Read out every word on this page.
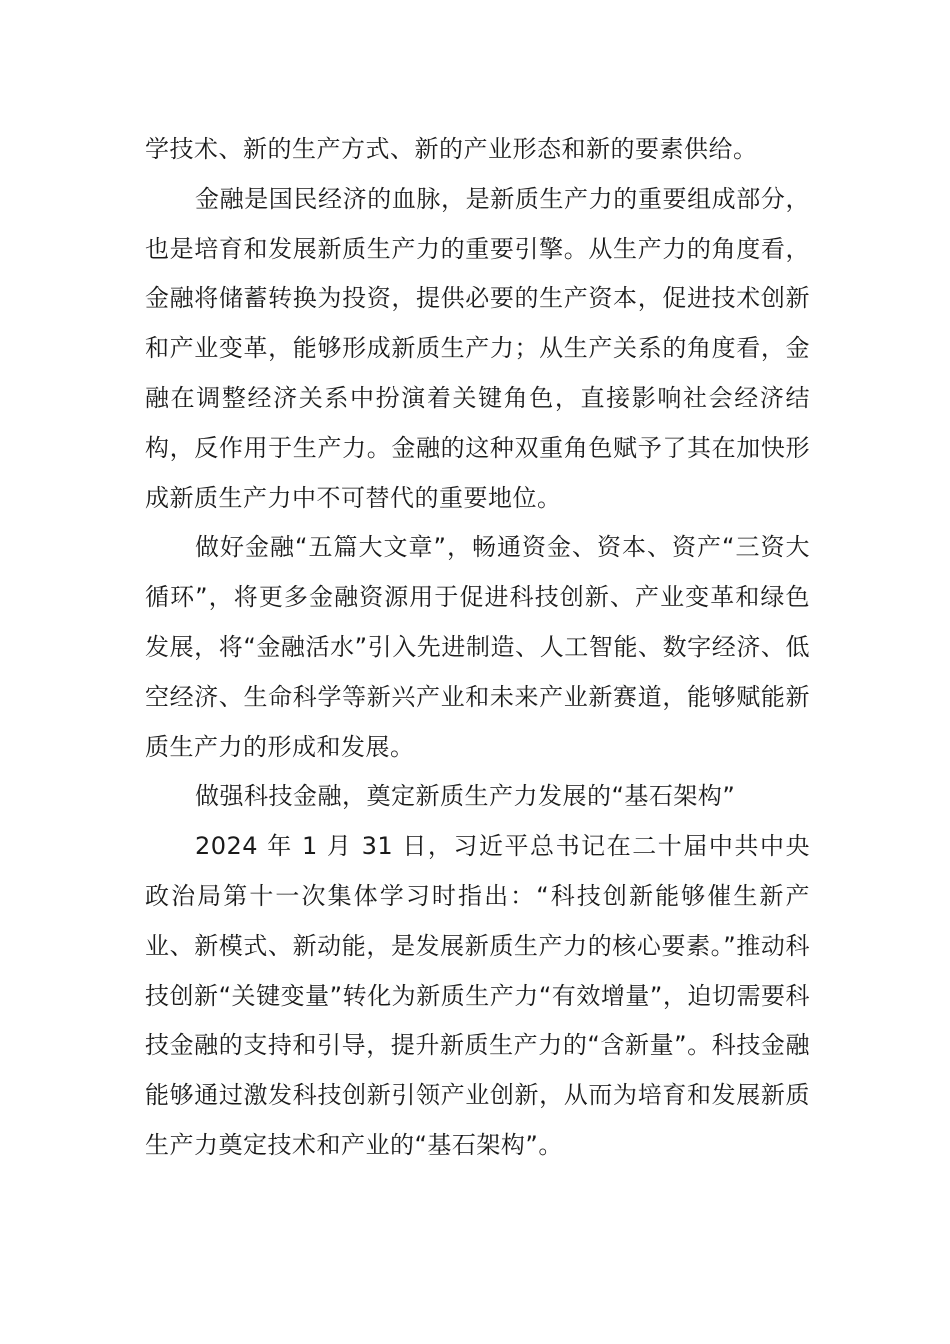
学技术、新的生产方式、新的产业形态和新的要素供给。

金融是国民经济的血脉，是新质生产力的重要组成部分，也是培育和发展新质生产力的重要引擎。从生产力的角度看，金融将储蓄转换为投资，提供必要的生产资本，促进技术创新和产业变革，能够形成新质生产力；从生产关系的角度看，金融在调整经济关系中扮演着关键角色，直接影响社会经济结构，反作用于生产力。金融的这种双重角色赋予了其在加快形成新质生产力中不可替代的重要地位。

做好金融“五篇大文章”，畅通资金、资本、资产“三资大循环”，将更多金融资源用于促进科技创新、产业变革和绿色发展，将“金融活水”引入先进制造、人工智能、数字经济、低空经济、生命科学等新兴产业和未来产业新赛道，能够赋能新质生产力的形成和发展。

做强科技金融，奠定新质生产力发展的“基石架构”

2024 年 1 月 31 日，习近平总书记在二十届中共中央政治局第十一次集体学习时指出：“科技创新能够催生新产业、新模式、新动能，是发展新质生产力的核心要素。”推动科技创新“关键变量”转化为新质生产力“有效增量”，迫切需要科技金融的支持和引导，提升新质生产力的“含新量”。科技金融能够通过激发科技创新引领产业创新，从而为培育和发展新质生产力奠定技术和产业的“基石架构”。
